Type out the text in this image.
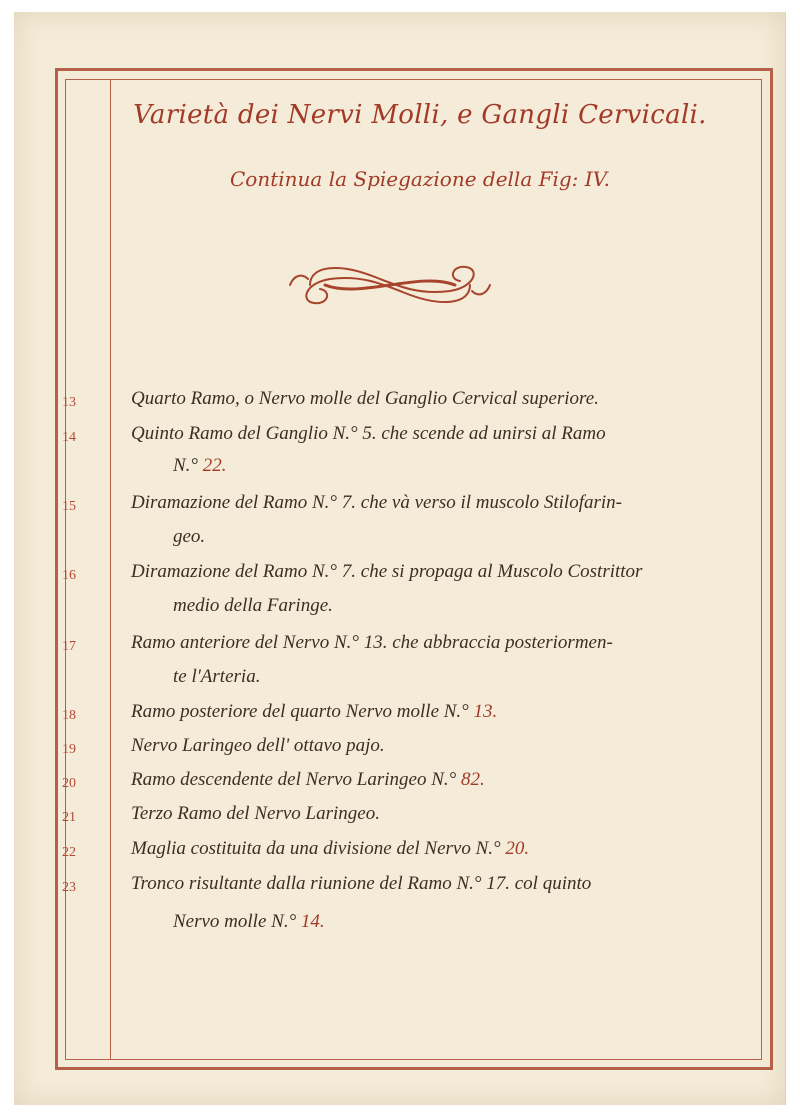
Varietà dei Nervi Molli, e Gangli Cervicali.
Continua la Spiegazione della Fig: IV.
13	Quarto Ramo, o Nervo molle del Ganglio Cervical superiore.
14	Quinto Ramo del Ganglio N.° 5. che scende ad unirsi al Ramo
N.° 22.
15	Diramazione del Ramo N.° 7. che và verso il muscolo Stilofarin-
geo.
16	Diramazione del Ramo N.° 7. che si propaga al Muscolo Costrittor
medio della Faringe.
17	Ramo anteriore del Nervo N.° 13. che abbraccia posteriormen-
te l'Arteria.
18	Ramo posteriore del quarto Nervo molle N.° 13.
19	Nervo Laringeo dell' ottavo pajo.
20	Ramo descendente del Nervo Laringeo N.° 82.
21	Terzo Ramo del Nervo Laringeo.
22	Maglia costituita da una divisione del Nervo N.° 20.
23	Tronco risultante dalla riunione del Ramo N.° 17. col quinto
Nervo molle N.° 14.
